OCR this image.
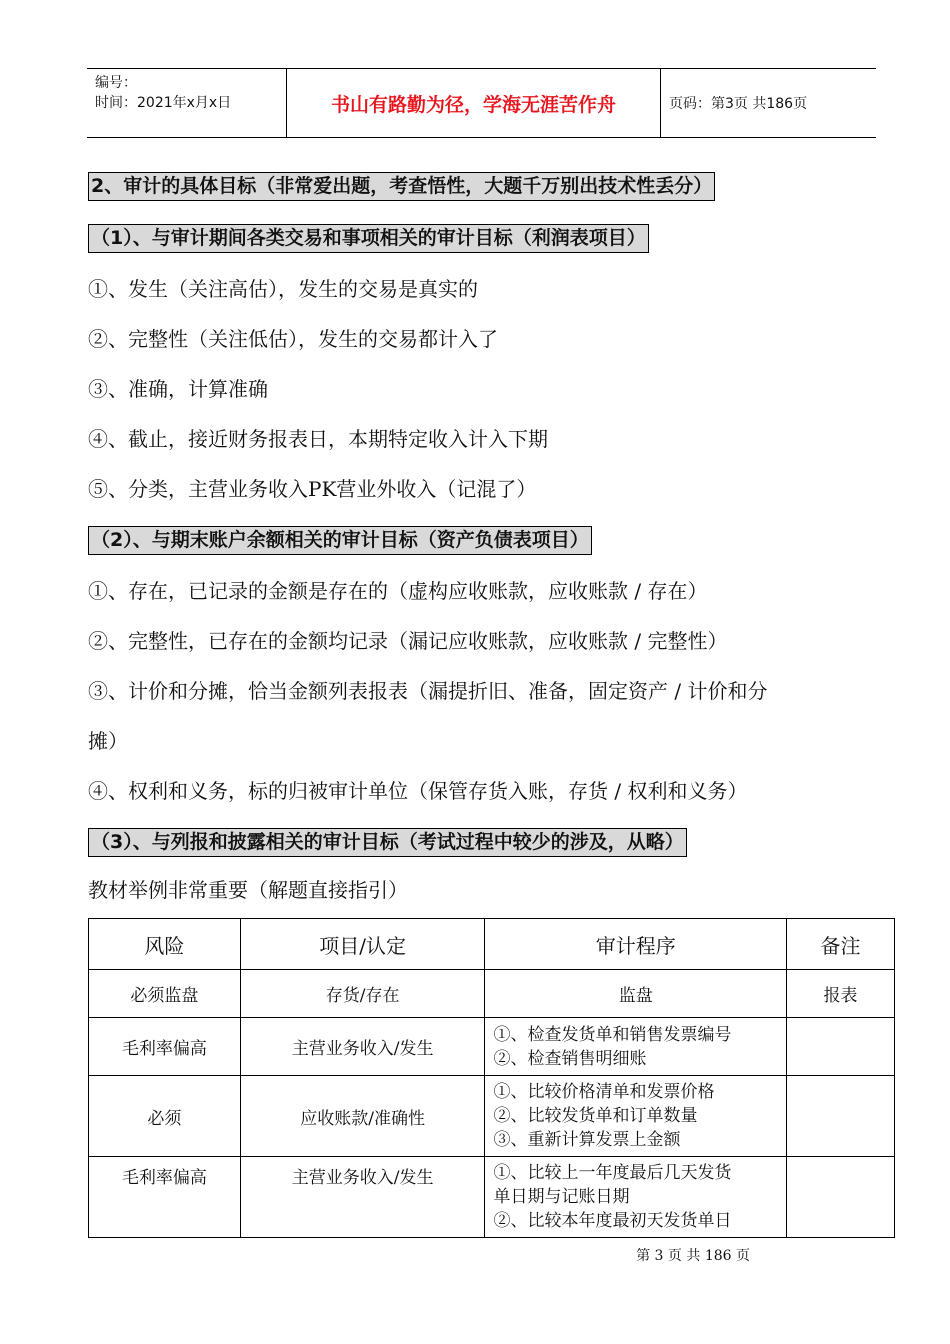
编号：
时间：2021年x月x日	书山有路勤为径，学海无涯苦作舟	页码：第3页 共186页
2、审计的具体目标（非常爱出题，考查悟性，大题千万别出技术性丢分）
（1）、与审计期间各类交易和事项相关的审计目标（利润表项目）

①、发生（关注高估），发生的交易是真实的

②、完整性（关注低估），发生的交易都计入了

③、准确，计算准确

④、截止，接近财务报表日，本期特定收入计入下期

⑤、分类，主营业务收入PK营业外收入（记混了）

（2）、与期末账户余额相关的审计目标（资产负债表项目）

①、存在，已记录的金额是存在的（虚构应收账款，应收账款 / 存在）

②、完整性，已存在的金额均记录（漏记应收账款，应收账款 / 完整性）

③、计价和分摊，恰当金额列表报表（漏提折旧、准备，固定资产 / 计价和分

摊）

④、权利和义务，标的归被审计单位（保管存货入账，存货 / 权利和义务）

（3）、与列报和披露相关的审计目标（考试过程中较少的涉及，从略）

教材举例非常重要（解题直接指引）

风险	项目/认定	审计程序	备注
必须监盘	存货/存在	监盘	报表
毛利率偏高	主营业务收入/发生	①、检查发货单和销售发票编号
②、检查销售明细账	

必须	应收账款/准确性	①、比较价格清单和发票价格
②、比较发货单和订单数量
③、重新计算发票上金额	

毛利率偏高	主营业务收入/发生	①、比较上一年度最后几天发货
单日期与记账日期
②、比较本年度最初天发货单日	

第 3 页 共 186 页
